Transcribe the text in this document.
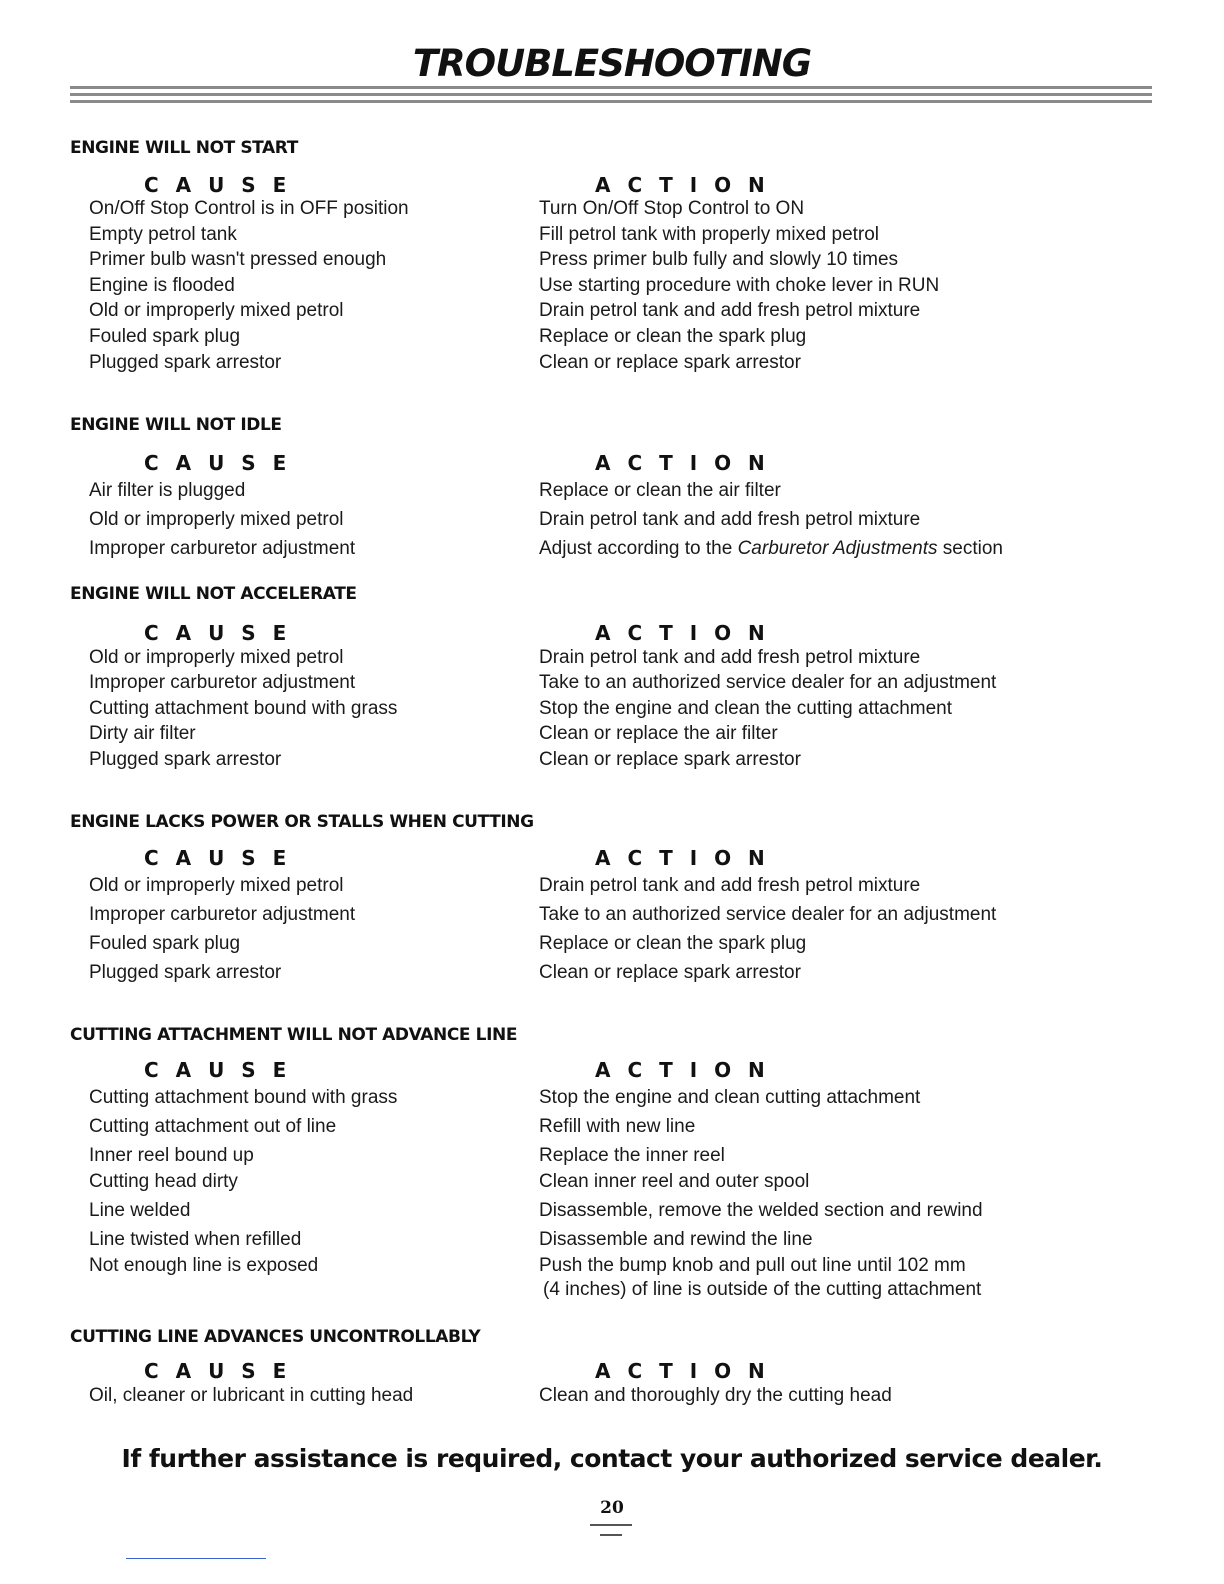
TROUBLESHOOTING
ENGINE WILL NOT START
C A U S E	A C T I O N
On/Off Stop Control is in OFF position	Turn On/Off Stop Control to ON
Empty petrol tank	Fill petrol tank with properly mixed petrol
Primer bulb wasn't pressed enough	Press primer bulb fully and slowly 10 times
Engine is flooded	Use starting procedure with choke lever in RUN
Old or improperly mixed petrol	Drain petrol tank and add fresh petrol mixture
Fouled spark plug	Replace or clean the spark plug
Plugged spark arrestor	Clean or replace spark arrestor
ENGINE WILL NOT IDLE
C A U S E	A C T I O N
Air filter is plugged	Replace or clean the air filter
Old or improperly mixed petrol	Drain petrol tank and add fresh petrol mixture
Improper carburetor adjustment	Adjust according to the Carburetor Adjustments section
ENGINE WILL NOT ACCELERATE
C A U S E	A C T I O N
Old or improperly mixed petrol	Drain petrol tank and add fresh petrol mixture
Improper carburetor adjustment	Take to an authorized service dealer for an adjustment
Cutting attachment bound with grass	Stop the engine and clean the cutting attachment
Dirty air filter	Clean or replace the air filter
Plugged spark arrestor	Clean or replace spark arrestor
ENGINE LACKS POWER OR STALLS WHEN CUTTING
C A U S E	A C T I O N
Old or improperly mixed petrol	Drain petrol tank and add fresh petrol mixture
Improper carburetor adjustment	Take to an authorized service dealer for an adjustment
Fouled spark plug	Replace or clean the spark plug
Plugged spark arrestor	Clean or replace spark arrestor
CUTTING ATTACHMENT WILL NOT ADVANCE LINE
C A U S E	A C T I O N
Cutting attachment bound with grass	Stop the engine and clean cutting attachment
Cutting attachment out of line	Refill with new line
Inner reel bound up	Replace the inner reel
Cutting head dirty	Clean inner reel and outer spool
Line welded	Disassemble, remove the welded section and rewind
Line twisted when refilled	Disassemble and rewind the line
Not enough line is exposed	Push the bump knob and pull out line until 102 mm
(4 inches) of line is outside of the cutting attachment
CUTTING LINE ADVANCES UNCONTROLLABLY
C A U S E	A C T I O N
Oil, cleaner or lubricant in cutting head	Clean and thoroughly dry the cutting head
If further assistance is required, contact your authorized service dealer.
20
